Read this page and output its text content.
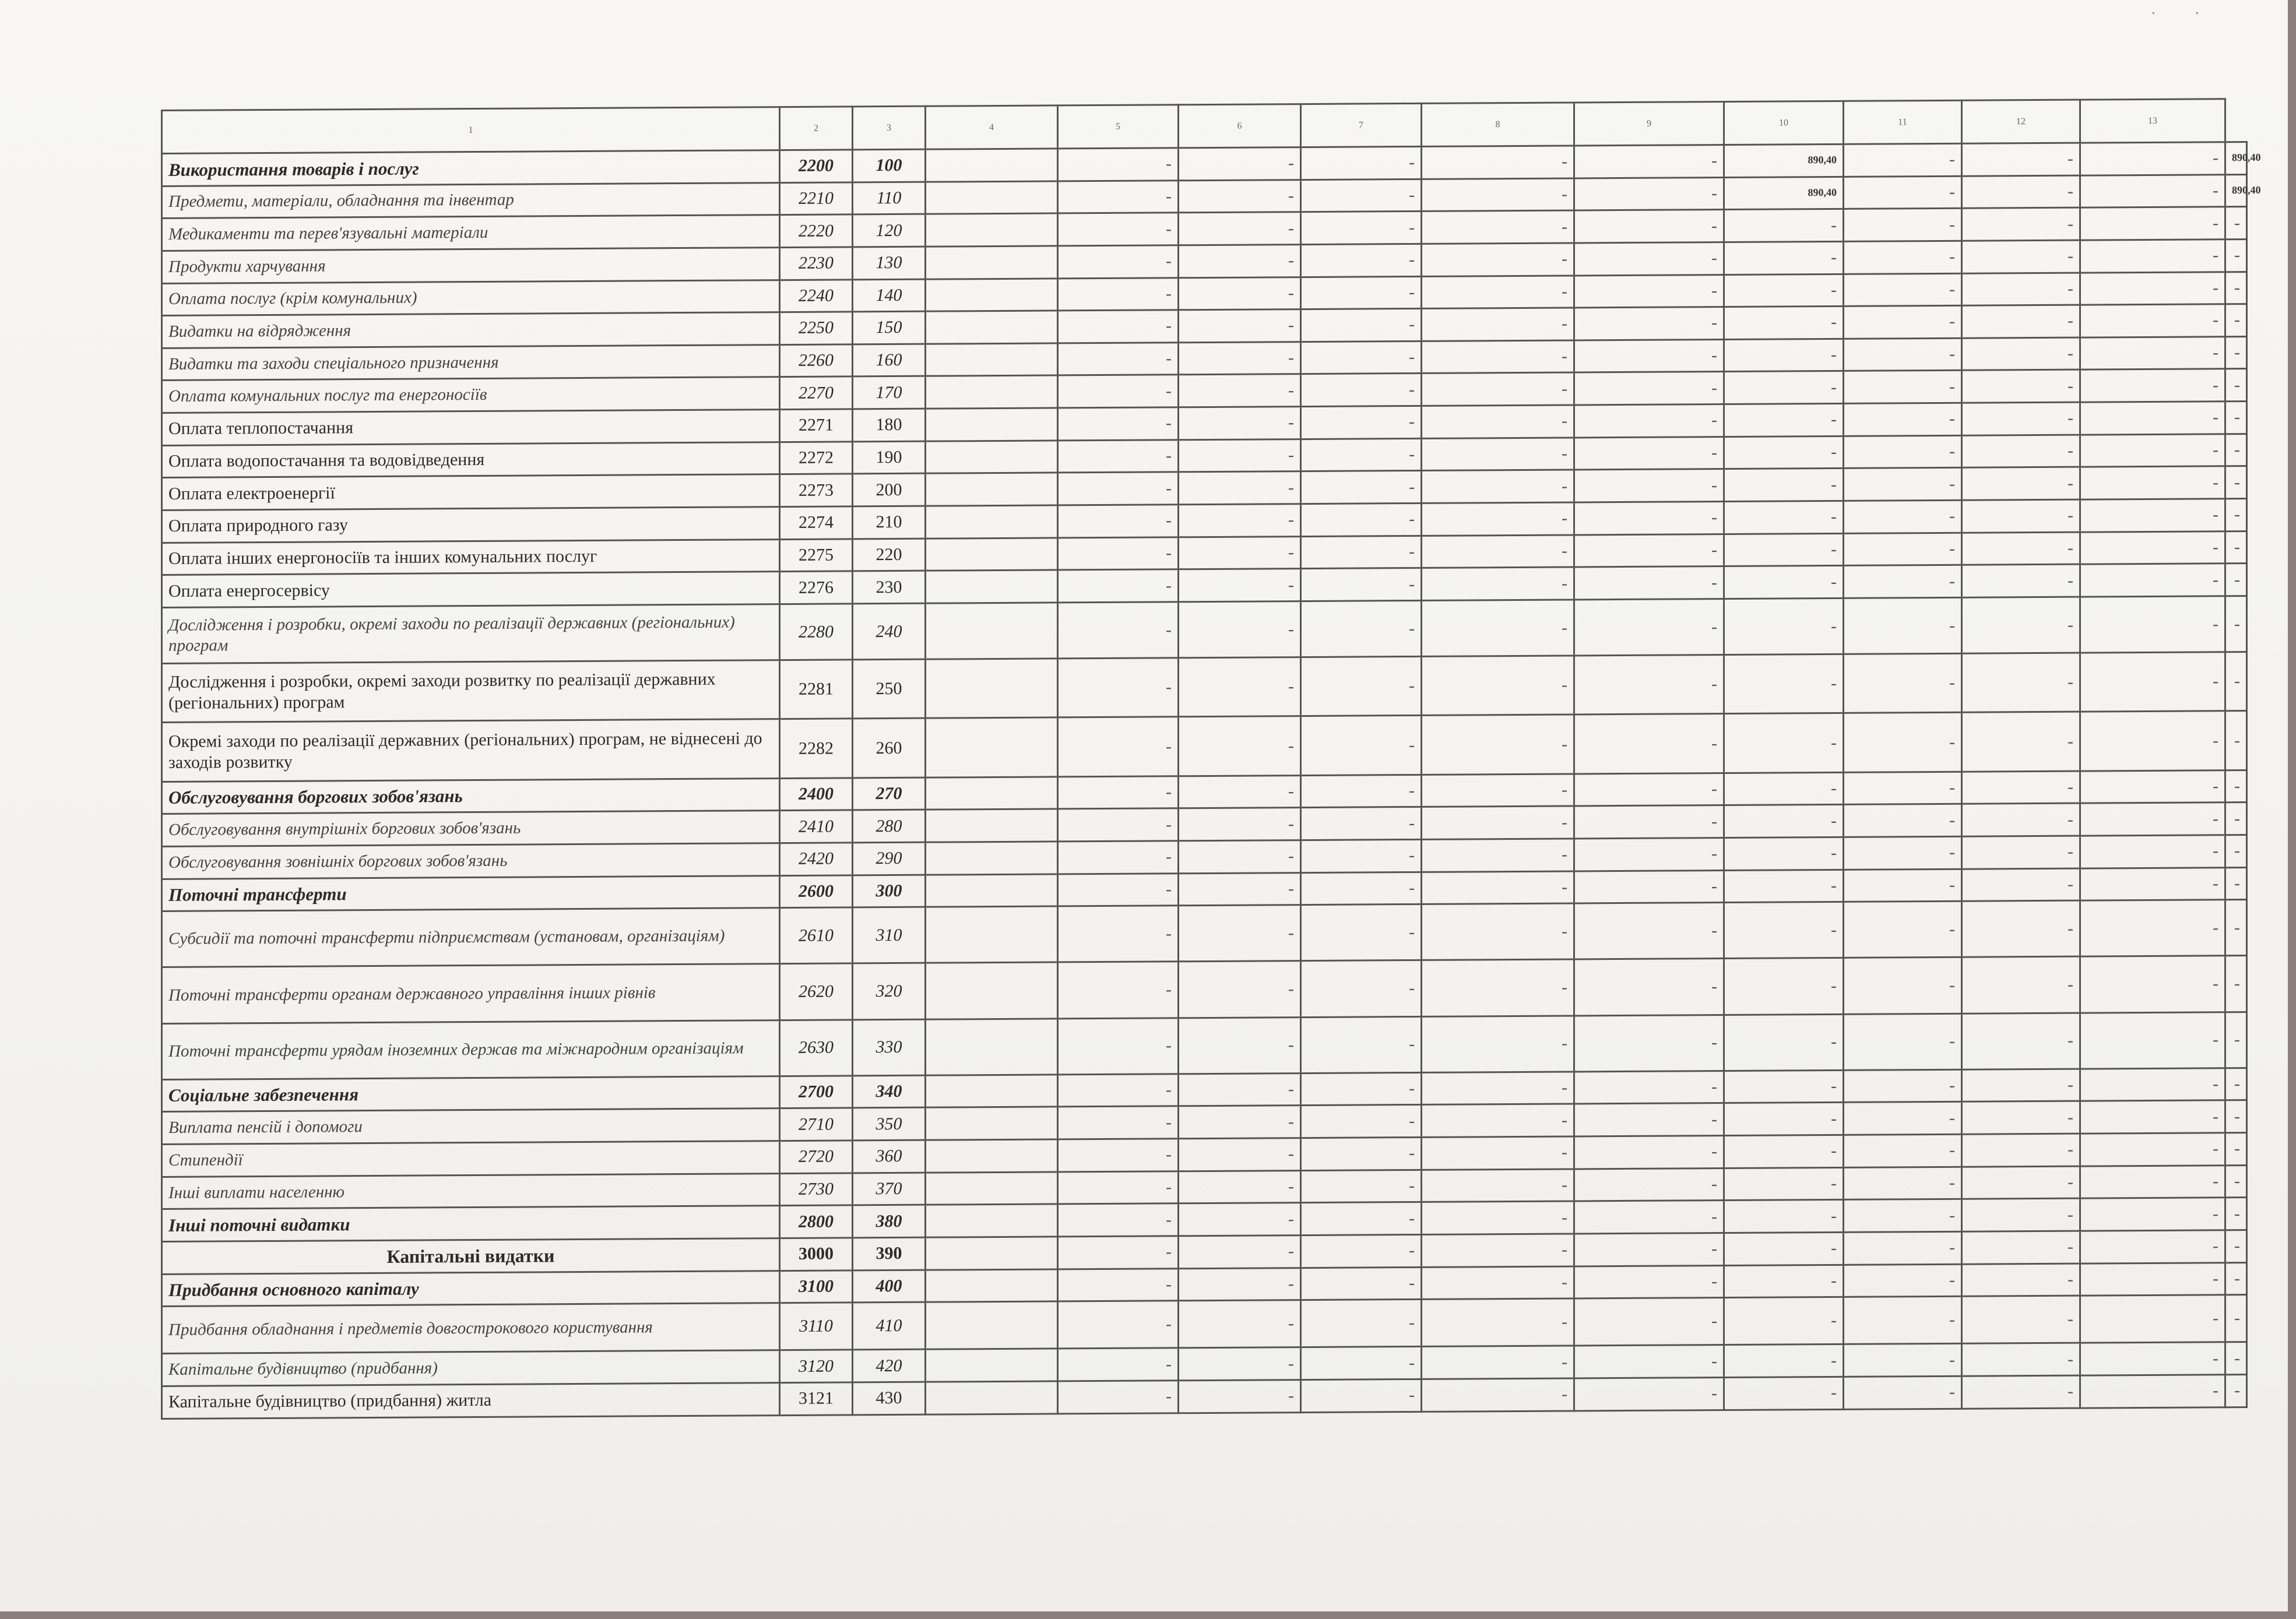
· ·
1	2	3	4	5	6	7	8	9	10	11	12	13	
Використання товарів і послуг	2200	100		-	-	-	-	-	890,40	-	-	-	890,40
Предмети, матеріали, обладнання та інвентар	2210	110		-	-	-	-	-	890,40	-	-	-	890,40
Медикаменти та перев'язувальні матеріали	2220	120		-	-	-	-	-	-	-	-	-	-
Продукти харчування	2230	130		-	-	-	-	-	-	-	-	-	-
Оплата послуг (крім комунальних)	2240	140		-	-	-	-	-	-	-	-	-	-
Видатки на відрядження	2250	150		-	-	-	-	-	-	-	-	-	-
Видатки та заходи спеціального призначення	2260	160		-	-	-	-	-	-	-	-	-	-
Оплата комунальних послуг та енергоносіїв	2270	170		-	-	-	-	-	-	-	-	-	-
Оплата теплопостачання	2271	180		-	-	-	-	-	-	-	-	-	-
Оплата водопостачання та водовідведення	2272	190		-	-	-	-	-	-	-	-	-	-
Оплата електроенергії	2273	200		-	-	-	-	-	-	-	-	-	-
Оплата природного газу	2274	210		-	-	-	-	-	-	-	-	-	-
Оплата інших енергоносіїв та інших комунальних послуг	2275	220		-	-	-	-	-	-	-	-	-	-
Оплата енергосервісу	2276	230		-	-	-	-	-	-	-	-	-	-
Дослідження і розробки, окремі заходи по реалізації державних (регіональних) програм	2280	240		-	-	-	-	-	-	-	-	-	-
Дослідження і розробки, окремі заходи розвитку по реалізації державних (регіональних) програм	2281	250		-	-	-	-	-	-	-	-	-	-
Окремі заходи по реалізації державних (регіональних) програм, не віднесені до заходів розвитку	2282	260		-	-	-	-	-	-	-	-	-	-
Обслуговування боргових зобов'язань	2400	270		-	-	-	-	-	-	-	-	-	-
Обслуговування внутрішніх боргових зобов'язань	2410	280		-	-	-	-	-	-	-	-	-	-
Обслуговування зовнішніх боргових зобов'язань	2420	290		-	-	-	-	-	-	-	-	-	-
Поточні трансферти	2600	300		-	-	-	-	-	-	-	-	-	-
Субсидії та поточні трансферти підприємствам (установам, організаціям)	2610	310		-	-	-	-	-	-	-	-	-	-
Поточні трансферти органам державного управління інших рівнів	2620	320		-	-	-	-	-	-	-	-	-	-
Поточні трансферти урядам іноземних держав та міжнародним організаціям	2630	330		-	-	-	-	-	-	-	-	-	-
Соціальне забезпечення	2700	340		-	-	-	-	-	-	-	-	-	-
Виплата пенсій і допомоги	2710	350		-	-	-	-	-	-	-	-	-	-
Стипендії	2720	360		-	-	-	-	-	-	-	-	-	-
Інші виплати населенню	2730	370		-	-	-	-	-	-	-	-	-	-
Інші поточні видатки	2800	380		-	-	-	-	-	-	-	-	-	-
Капітальні видатки	3000	390		-	-	-	-	-	-	-	-	-	-
Придбання основного капіталу	3100	400		-	-	-	-	-	-	-	-	-	-
Придбання обладнання і предметів довгострокового користування	3110	410		-	-	-	-	-	-	-	-	-	-
Капітальне будівництво (придбання)	3120	420		-	-	-	-	-	-	-	-	-	-
Капітальне будівництво (придбання) житла	3121	430		-	-	-	-	-	-	-	-	-	-
